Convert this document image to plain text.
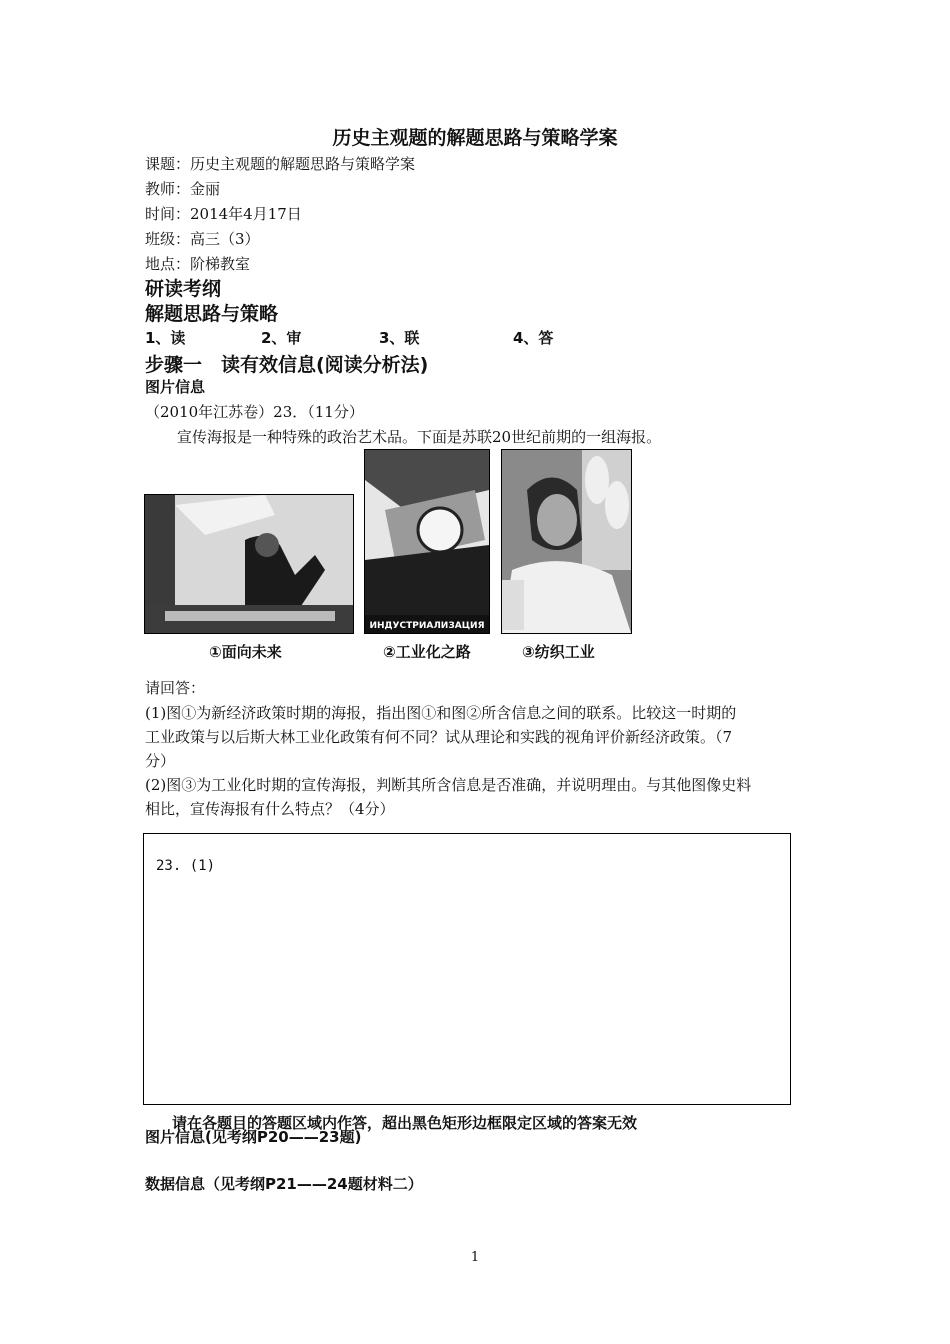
历史主观题的解题思路与策略学案
课题：历史主观题的解题思路与策略学案
教师：金丽
时间：2014年4月17日
班级：高三（3）
地点：阶梯教室
研读考纲
解题思路与策略
1、读	2、审	3、联	4、答
步骤一　读有效信息(阅读分析法)
图片信息
（2010年江苏卷）23．（11分）
宣传海报是一种特殊的政治艺术品。下面是苏联20世纪前期的一组海报。
①面向未来
ИНДУСТРИАЛИЗАЦИЯ
②工业化之路	③纺织工业
请回答：
(1)图①为新经济政策时期的海报，指出图①和图②所含信息之间的联系。比较这一时期的
工业政策与以后斯大林工业化政策有何不同？试从理论和实践的视角评价新经济政策。（7
分）
(2)图③为工业化时期的宣传海报，判断其所含信息是否准确，并说明理由。与其他图像史料
相比，宣传海报有什么特点？（4分）
23. (1)
请在各题目的答题区域内作答，超出黑色矩形边框限定区域的答案无效
图片信息(见考纲P20——23题)
数据信息（见考纲P21——24题材料二）
1
